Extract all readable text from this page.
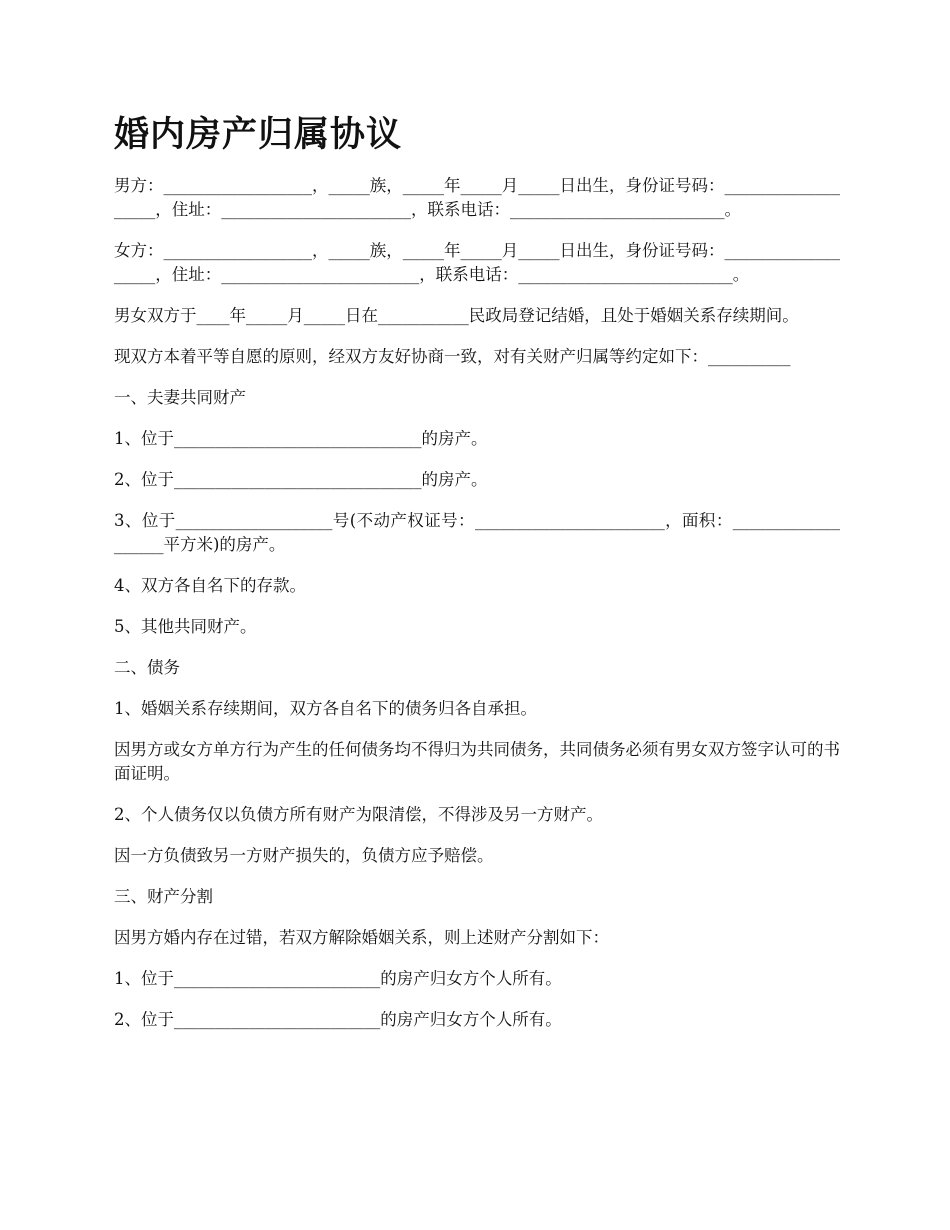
婚内房产归属协议

男方：__________________，_____族，_____年_____月_____日出生，身份证号码：___________________，住址：_______________________，联系电话：__________________________。

女方：__________________，_____族，_____年_____月_____日出生，身份证号码：___________________，住址：________________________，联系电话：__________________________。

男女双方于____年_____月_____日在___________民政局登记结婚，且处于婚姻关系存续期间。

现双方本着平等自愿的原则，经双方友好协商一致，对有关财产归属等约定如下：__________

一、夫妻共同财产

1、位于______________________________的房产。

2、位于______________________________的房产。

3、位于___________________号(不动产权证号：_______________________，面积：___________________平方米)的房产。

4、双方各自名下的存款。

5、其他共同财产。

二、债务

1、婚姻关系存续期间，双方各自名下的债务归各自承担。

因男方或女方单方行为产生的任何债务均不得归为共同债务，共同债务必须有男女双方签字认可的书面证明。

2、个人债务仅以负债方所有财产为限清偿，不得涉及另一方财产。

因一方负债致另一方财产损失的，负债方应予赔偿。

三、财产分割

因男方婚内存在过错，若双方解除婚姻关系，则上述财产分割如下：

1、位于_________________________的房产归女方个人所有。

2、位于_________________________的房产归女方个人所有。
